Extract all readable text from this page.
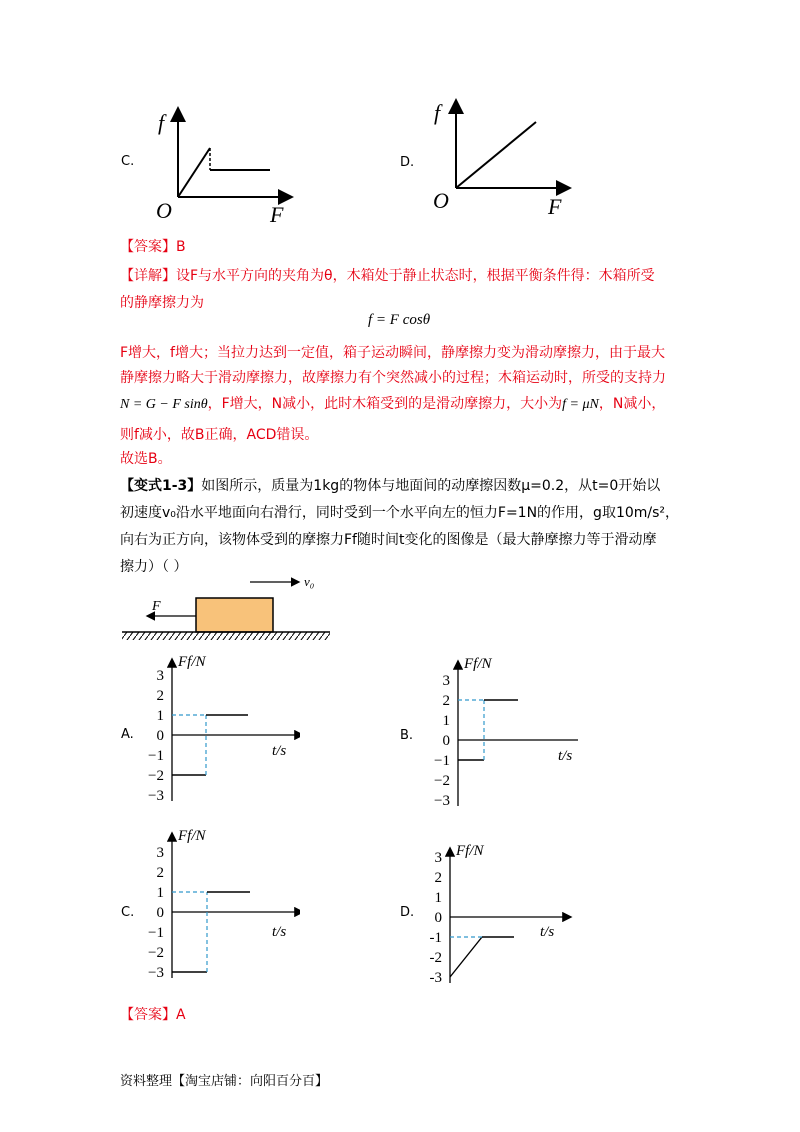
C.
f
O	F
D.
f
O	F
【答案】B
【详解】设F与水平方向的夹角为θ，木箱处于静止状态时，根据平衡条件得：木箱所受
的静摩擦力为
f = F cosθ
F增大，f增大；当拉力达到一定值，箱子运动瞬间，静摩擦力变为滑动摩擦力，由于最大
静摩擦力略大于滑动摩擦力，故摩擦力有个突然减小的过程；木箱运动时，所受的支持力
N = G − F sinθ，F增大，N减小，此时木箱受到的是滑动摩擦力，大小为f = μN，N减小，
则f减小，故B正确，ACD错误。
故选B。
【变式1-3】如图所示，质量为1kg的物体与地面间的动摩擦因数μ=0.2，从t=0开始以
初速度v₀沿水平地面向右滑行，同时受到一个水平向左的恒力F=1N的作用，g取10m/s²，
向右为正方向，该物体受到的摩擦力Ff随时间t变化的图像是（最大静摩擦力等于滑动摩
擦力）（ ）
F
v₀
A.
3
2
1
0
−1
−2
−3
Ff/N
t/s
B.
3
2
1
0
−1
−2
−3
Ff/N
t/s
C.
3
2
1
0
−1
−2
−3
Ff/N
t/s
D.
3
2
1
0
-1
-2
-3
Ff/N
t/s
【答案】A
资料整理【淘宝店铺：向阳百分百】
